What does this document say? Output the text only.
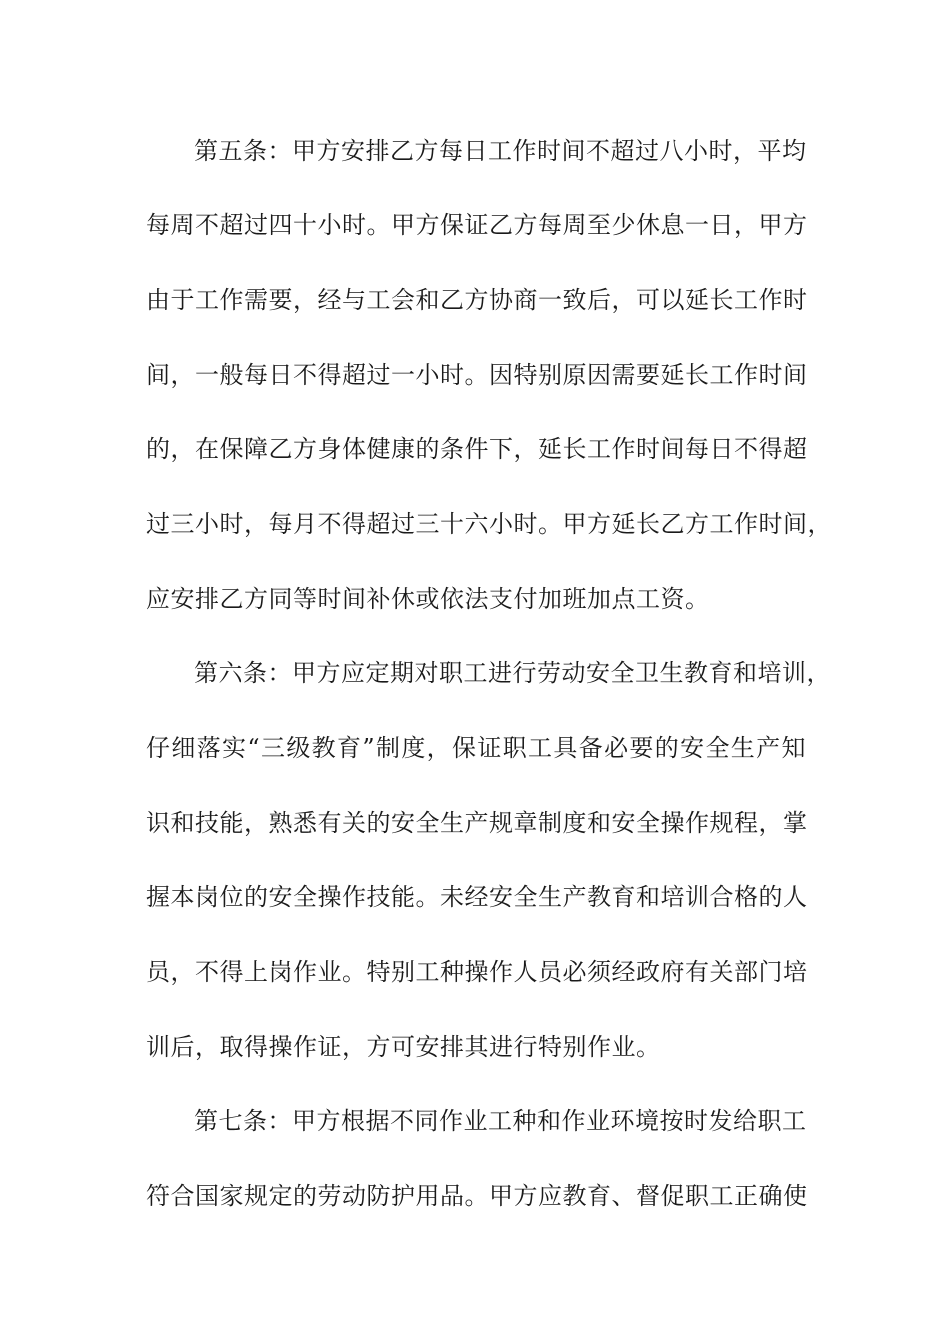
第五条：甲方安排乙方每日工作时间不超过八小时，平均
每周不超过四十小时。甲方保证乙方每周至少休息一日，甲方
由于工作需要，经与工会和乙方协商一致后，可以延长工作时
间，一般每日不得超过一小时。因特别原因需要延长工作时间
的，在保障乙方身体健康的条件下，延长工作时间每日不得超
过三小时，每月不得超过三十六小时。甲方延长乙方工作时间，
应安排乙方同等时间补休或依法支付加班加点工资。
第六条：甲方应定期对职工进行劳动安全卫生教育和培训，
仔细落实“三级教育”制度，保证职工具备必要的安全生产知
识和技能，熟悉有关的安全生产规章制度和安全操作规程，掌
握本岗位的安全操作技能。未经安全生产教育和培训合格的人
员，不得上岗作业。特别工种操作人员必须经政府有关部门培
训后，取得操作证，方可安排其进行特别作业。
第七条：甲方根据不同作业工种和作业环境按时发给职工
符合国家规定的劳动防护用品。甲方应教育、督促职工正确使
